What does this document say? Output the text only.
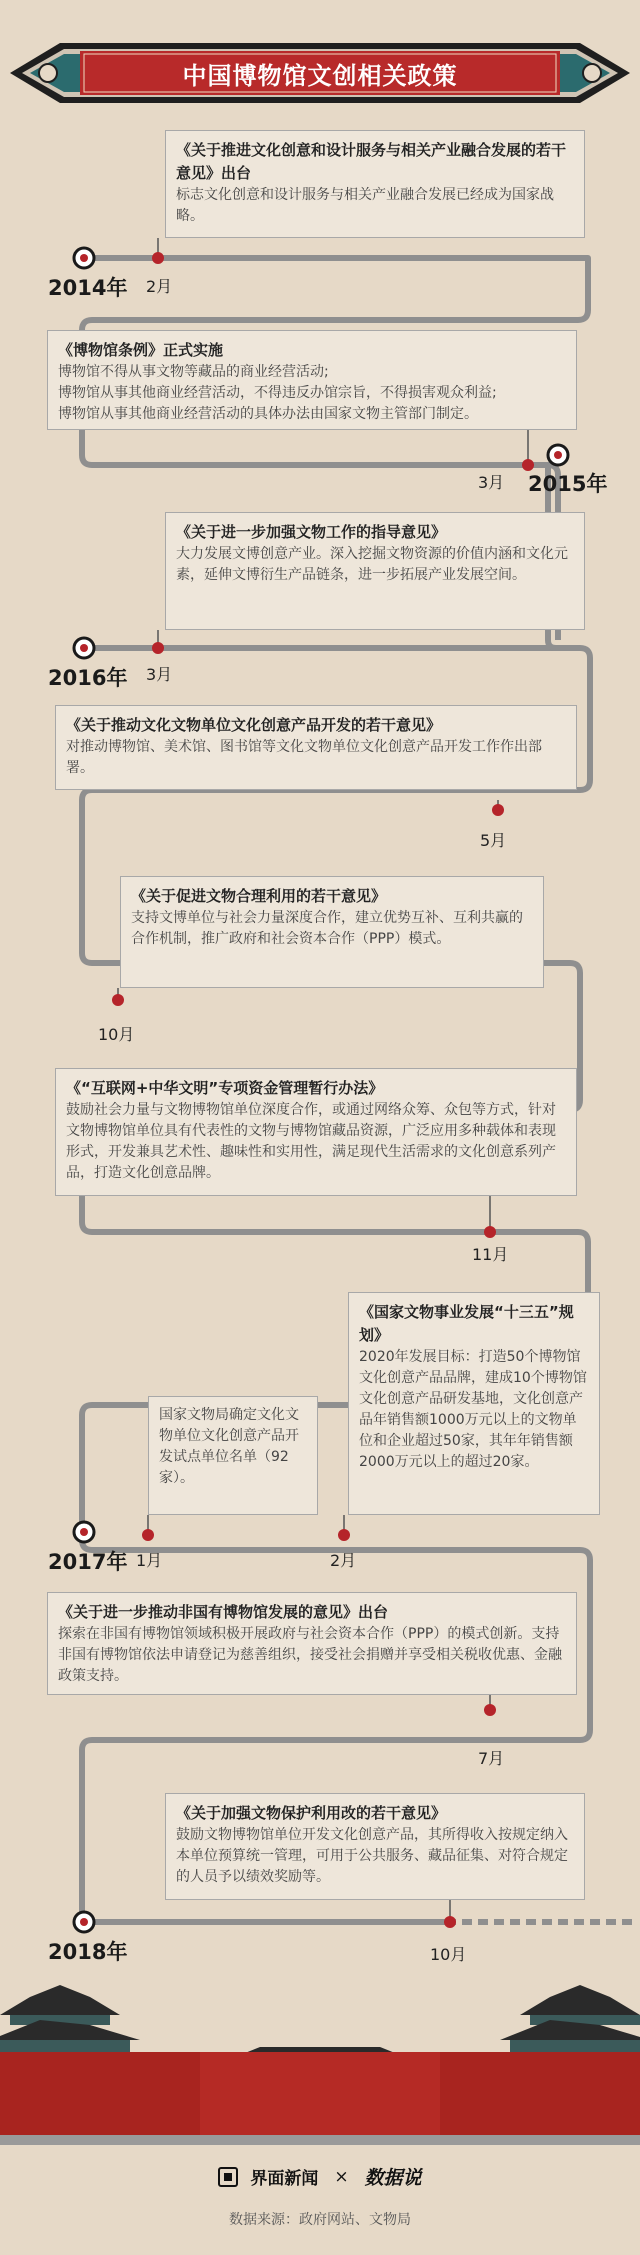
中国博物馆文创相关政策
2014年
2015年
2016年
2017年
2018年
2月
3月
3月
5月
10月
11月
1月	2月
7月
10月
《关于推进文化创意和设计服务与相关产业融合发展的若干意见》出台
标志文化创意和设计服务与相关产业融合发展已经成为国家战略。
《博物馆条例》正式实施
博物馆不得从事文物等藏品的商业经营活动;
博物馆从事其他商业经营活动，不得违反办馆宗旨，不得损害观众利益;
博物馆从事其他商业经营活动的具体办法由国家文物主管部门制定。
《关于进一步加强文物工作的指导意见》
大力发展文博创意产业。深入挖掘文物资源的价值内涵和文化元素，延伸文博衍生产品链条，进一步拓展产业发展空间。
《关于推动文化文物单位文化创意产品开发的若干意见》
对推动博物馆、美术馆、图书馆等文化文物单位文化创意产品开发工作作出部署。
《关于促进文物合理利用的若干意见》
支持文博单位与社会力量深度合作，建立优势互补、互利共赢的合作机制，推广政府和社会资本合作（PPP）模式。
《“互联网+中华文明”专项资金管理暂行办法》
鼓励社会力量与文物博物馆单位深度合作，或通过网络众筹、众包等方式，针对文物博物馆单位具有代表性的文物与博物馆藏品资源，广泛应用多种载体和表现形式，开发兼具艺术性、趣味性和实用性，满足现代生活需求的文化创意系列产品，打造文化创意品牌。
国家文物局确定文化文物单位文化创意产品开发试点单位名单（92家）。
《国家文物事业发展“十三五”规划》
2020年发展目标：打造50个博物馆文化创意产品品牌，建成10个博物馆文化创意产品研发基地，文化创意产品年销售额1000万元以上的文物单位和企业超过50家，其年年销售额2000万元以上的超过20家。
《关于进一步推动非国有博物馆发展的意见》出台
探索在非国有博物馆领域积极开展政府与社会资本合作（PPP）的模式创新。支持非国有博物馆依法申请登记为慈善组织，接受社会捐赠并享受相关税收优惠、金融政策支持。
《关于加强文物保护利用改的若干意见》
鼓励文物博物馆单位开发文化创意产品，其所得收入按规定纳入本单位预算统一管理，可用于公共服务、藏品征集、对符合规定的人员予以绩效奖励等。
界面新闻 × 数据说
数据来源：政府网站、文物局
